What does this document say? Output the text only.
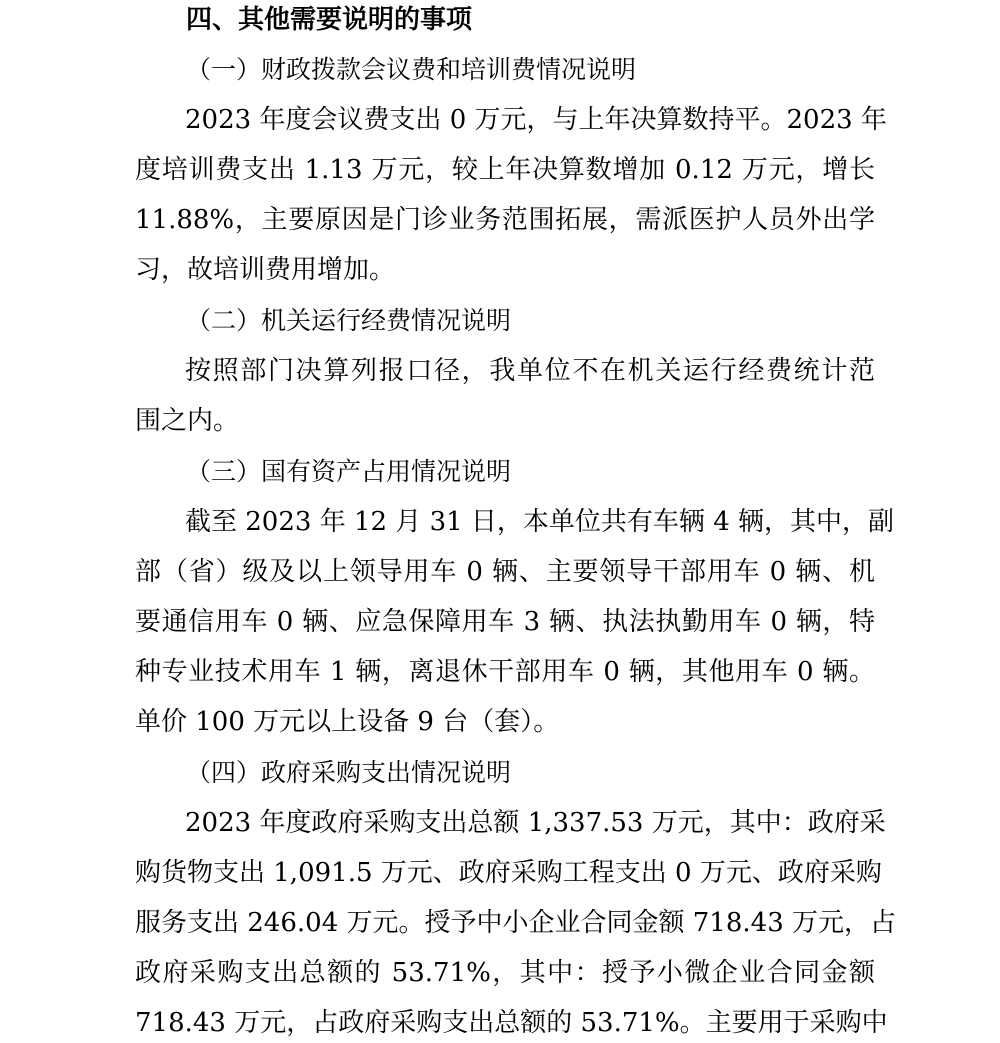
四、其他需要说明的事项
（一）财政拨款会议费和培训费情况说明
2023 年度会议费支出 0 万元，与上年决算数持平。2023 年
度培训费支出 1.13 万元，较上年决算数增加 0.12 万元，增长
11.88%，主要原因是门诊业务范围拓展，需派医护人员外出学
习，故培训费用增加。
（二）机关运行经费情况说明
按照部门决算列报口径，我单位不在机关运行经费统计范
围之内。
（三）国有资产占用情况说明
截至 2023 年 12 月 31 日，本单位共有车辆 4 辆，其中，副
部（省）级及以上领导用车 0 辆、主要领导干部用车 0 辆、机
要通信用车 0 辆、应急保障用车 3 辆、执法执勤用车 0 辆，特
种专业技术用车 1 辆，离退休干部用车 0 辆，其他用车 0 辆。
单价 100 万元以上设备 9 台（套）。
（四）政府采购支出情况说明
2023 年度政府采购支出总额 1,337.53 万元，其中：政府采
购货物支出 1,091.5 万元、政府采购工程支出 0 万元、政府采购
服务支出 246.04 万元。授予中小企业合同金额 718.43 万元，占
政府采购支出总额的 53.71%，其中：授予小微企业合同金额
718.43 万元，占政府采购支出总额的 53.71%。主要用于采购中
